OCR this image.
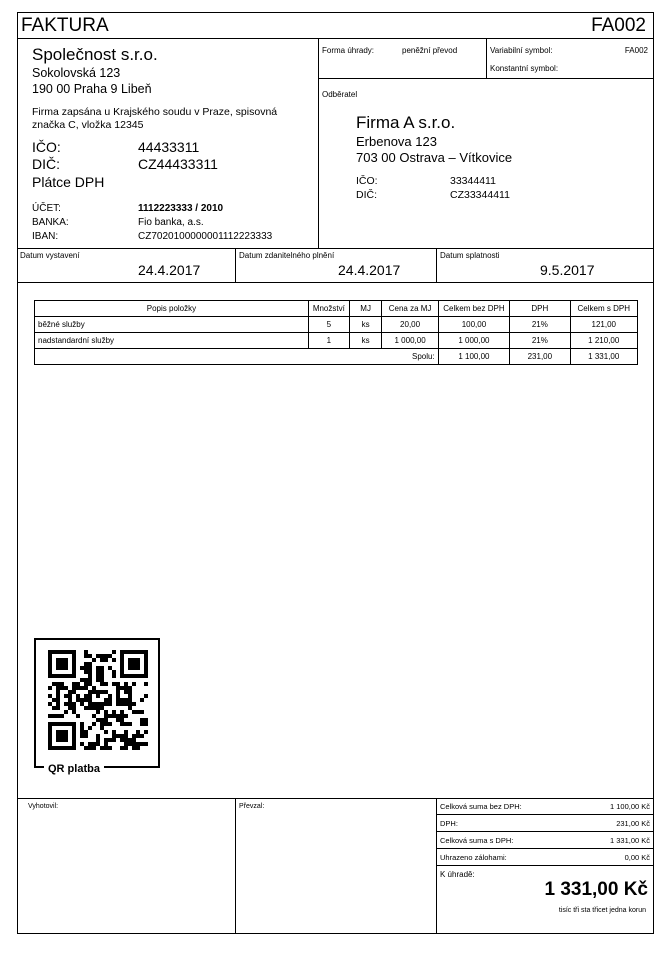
FAKTURA	FA002
Společnost s.r.o.
Sokolovská 123
190 00 Praha 9 Libeň
Firma zapsána u Krajského soudu v Praze, spisovná
značka C, vložka 12345
IČO:	44433311
DIČ:	CZ44433311
Plátce DPH
ÚČET:	1112223333 / 2010
BANKA:	Fio banka, a.s.
IBAN:	CZ7020100000001112223333
Forma úhrady:	peněžní převod	Variabilní symbol:	FA002
Konstantní symbol:
Odběratel
Firma A s.r.o.
Erbenova 123
703 00 Ostrava – Vítkovice
IČO:	33344411
DIČ:	CZ33344411
Datum vystavení
24.4.2017
Datum zdanitelného plnění
24.4.2017
Datum splatnosti
9.5.2017
Popis položky	Množství	MJ	Cena za MJ	Celkem bez DPH	DPH	Celkem s DPH
běžné služby	5	ks	20,00	100,00	21%	121,00
nadstandardní služby	1	ks	1 000,00	1 000,00	21%	1 210,00
Spolu:				1 100,00	231,00	1 331,00
QR platba
Vyhotovil:	Převzal:	Celková suma bez DPH:	1 100,00 Kč
DPH:	231,00 Kč
Celková suma s DPH:	1 331,00 Kč
Uhrazeno zálohami:	0,00 Kč
K úhradě:
1 331,00 Kč
tisíc tři sta třicet jedna korun
